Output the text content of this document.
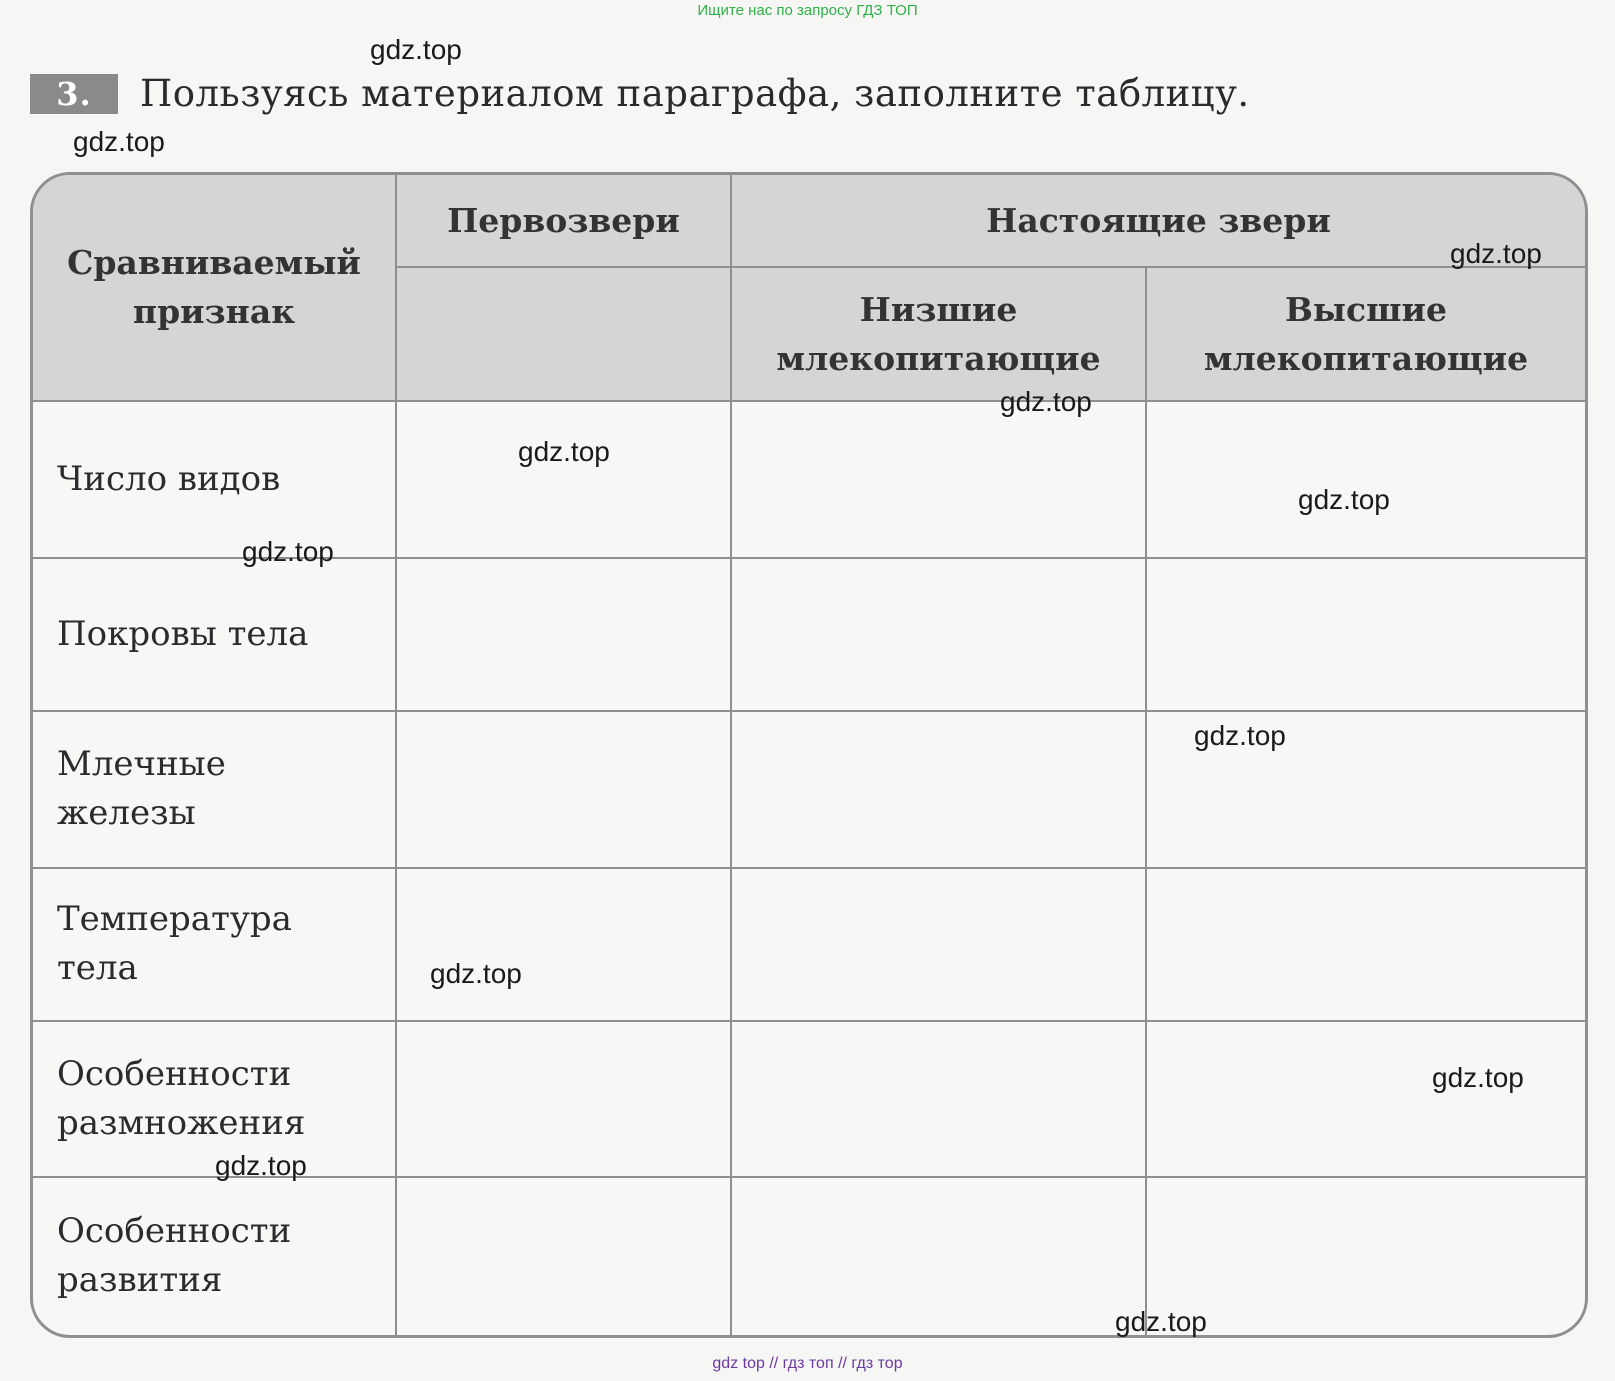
Ищите нас по запросу ГДЗ ТОП
3.	Пользуясь материалом параграфа, заполните таблицу.
Сравниваемый признак	Первозвери	Настоящие звери	
		Низшие млекопитающие	Высшие млекопитающие
Число видов			
Покровы тела			
Млечные железы			
Температура тела			
Особенности размножения			
Особенности развития			
gdz.top
gdz.top
gdz.top
gdz.top
gdz.top
gdz.top
gdz.top
gdz.top
gdz.top
gdz.top
gdz.top
gdz.top
gdz top // гдз топ // гдз тор
